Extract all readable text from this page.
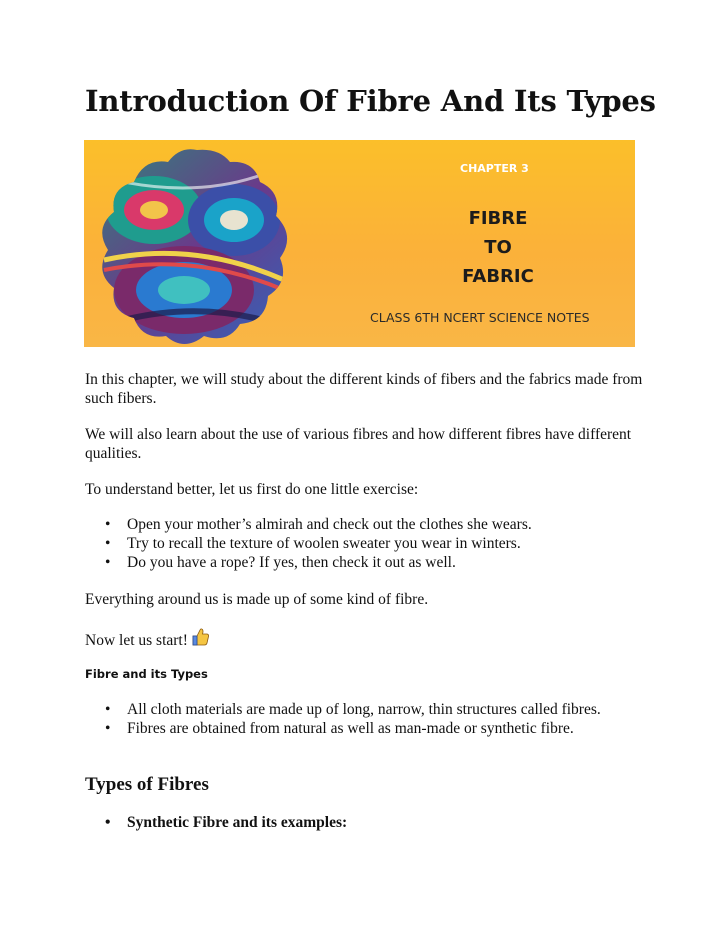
Introduction Of Fibre And Its Types
CHAPTER 3
FIBRE
TO
FABRIC
CLASS 6TH NCERT SCIENCE NOTES

In this chapter, we will study about the different kinds of fibers and the fabrics made from such fibers.

We will also learn about the use of various fibres and how different fibres have different qualities.

To understand better, let us first do one little exercise:

• Open your mother’s almirah and check out the clothes she wears.
• Try to recall the texture of woolen sweater you wear in winters.
• Do you have a rope? If yes, then check it out as well.

Everything around us is made up of some kind of fibre.

Now let us start!

Fibre and its Types
• All cloth materials are made up of long, narrow, thin structures called fibres.
• Fibres are obtained from natural as well as man-made or synthetic fibre.
Types of Fibres
• Synthetic Fibre and its examples:
